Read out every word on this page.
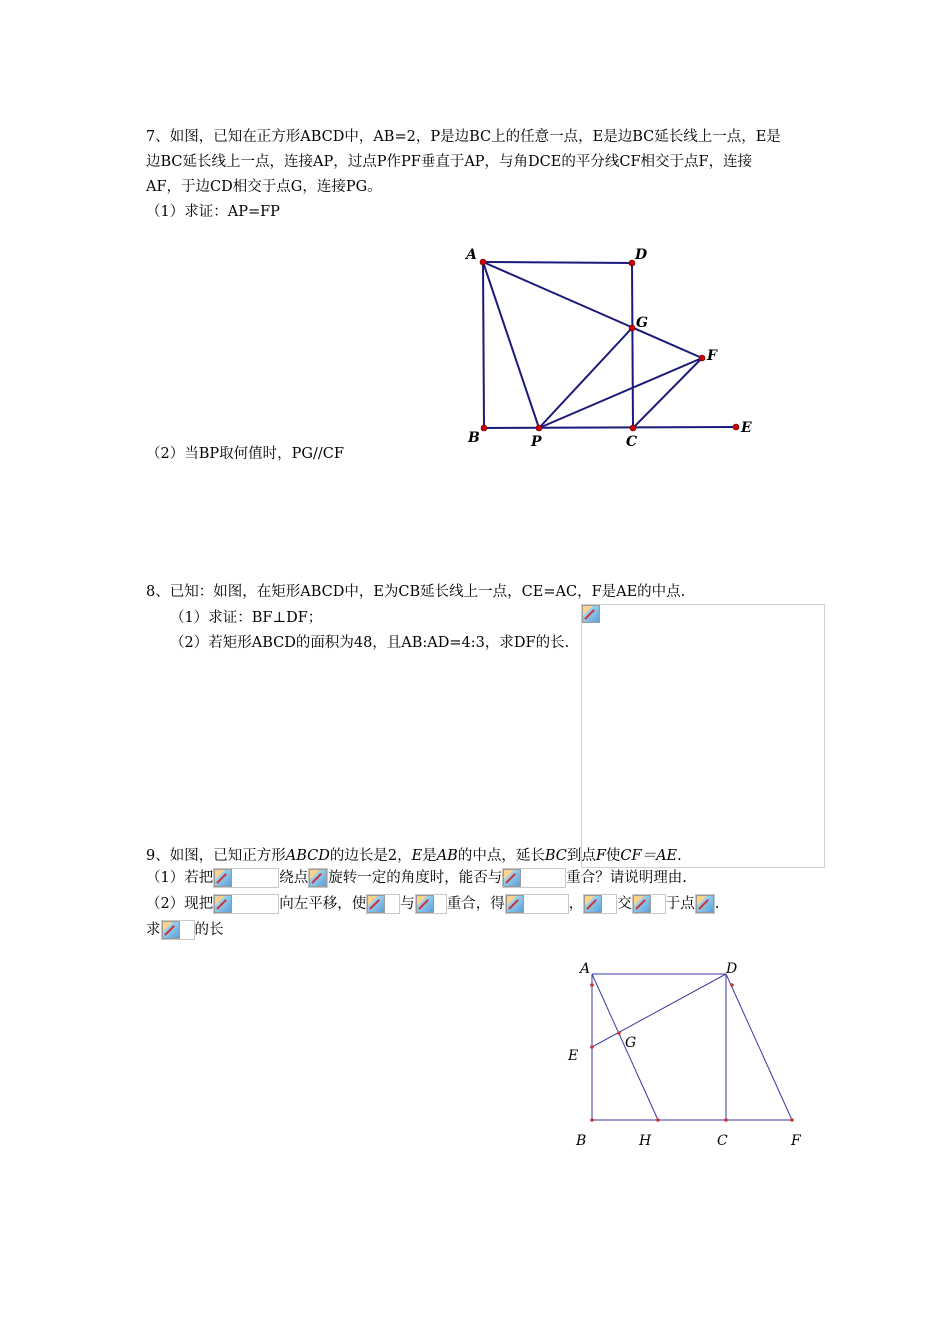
7、如图，已知在正方形ABCD中，AB=2，P是边BC上的任意一点，E是边BC延长线上一点，E是
边BC延长线上一点，连接AP，过点P作PF垂直于AP，与角DCE的平分线CF相交于点F，连接
AF，于边CD相交于点G，连接PG。
（1）求证：AP=FP
（2）当BP取何值时，PG//CF
A	D
G
F
B	P	C
E
A	D
E
G
B	H	C	F
8、已知：如图，在矩形ABCD中，E为CB延长线上一点，CE=AC，F是AE的中点.
（1）求证：BF⊥DF；
（2）若矩形ABCD的面积为48，且AB:AD=4:3，求DF的长.
9、如图，已知正方形ABCD的边长是2，E是AB的中点，延长BC到点F使CF＝AE.
（1）若把	绕点 旋转一定的角度时，能否与	重合？请说明理由.
（2）现把	向左平移，使 与 重合，得	， 交 于点 .
求 的长
